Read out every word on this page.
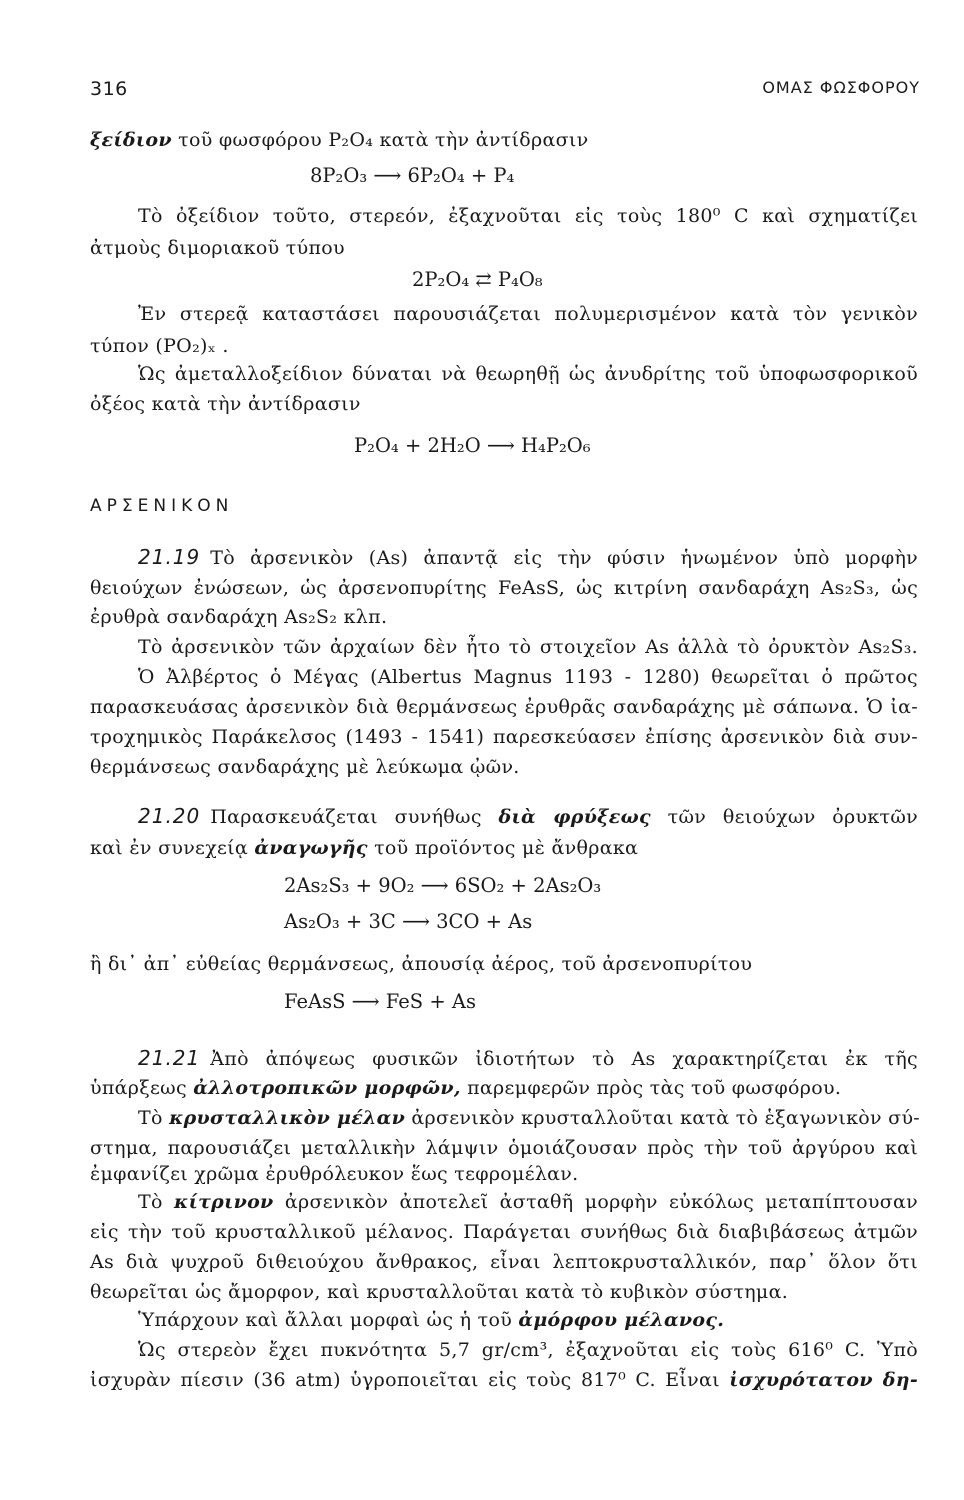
316	ΟΜΑΣ ΦΩΣΦΟΡΟΥ
ξείδιον τοῦ φωσφόρου P₂O₄ κατὰ τὴν ἀντίδρασιν
8P₂O₃ ⟶ 6P₂O₄ + P₄
Τὸ ὀξείδιον τοῦτο, στερεόν, ἐξαχνοῦται εἰς τοὺς 180⁰ C καὶ σχηματίζει
ἀτμοὺς διμοριακοῦ τύπου
2P₂O₄ ⇄ P₄O₈
Ἐν στερεᾷ καταστάσει παρουσιάζεται πολυμερισμένον κατὰ τὸν γενικὸν
τύπον (PO₂)ₓ .
Ὡς ἀμεταλλοξείδιον δύναται νὰ θεωρηθῇ ὡς ἀνυδρίτης τοῦ ὑποφωσφορικοῦ
ὀξέος κατὰ τὴν ἀντίδρασιν
P₂O₄ + 2H₂O ⟶ H₄P₂O₆
ΑΡΣΕΝΙΚΟΝ
21.19 Τὸ ἀρσενικὸν (As) ἀπαντᾷ εἰς τὴν φύσιν ἡνωμένον ὑπὸ μορφὴν
θειούχων ἐνώσεων, ὡς ἀρσενοπυρίτης FeAsS, ὡς κιτρίνη σανδαράχη As₂S₃, ὡς
ἐρυθρὰ σανδαράχη As₂S₂ κλπ.
Τὸ ἀρσενικὸν τῶν ἀρχαίων δὲν ἦτο τὸ στοιχεῖον As ἀλλὰ τὸ ὀρυκτὸν As₂S₃.
Ὁ Ἀλβέρτος ὁ Μέγας (Albertus Magnus 1193 - 1280) θεωρεῖται ὁ πρῶτος
παρασκευάσας ἀρσενικὸν διὰ θερμάνσεως ἐρυθρᾶς σανδαράχης μὲ σάπωνα. Ὁ ἰα-
τροχημικὸς Παράκελσος (1493 - 1541) παρεσκεύασεν ἐπίσης ἀρσενικὸν διὰ συν-
θερμάνσεως σανδαράχης μὲ λεύκωμα ᾠῶν.
21.20 Παρασκευάζεται συνήθως διὰ φρύξεως τῶν θειούχων ὀρυκτῶν
καὶ ἐν συνεχείᾳ ἀναγωγῆς τοῦ προϊόντος μὲ ἄνθρακα
2As₂S₃ + 9O₂ ⟶ 6SO₂ + 2As₂O₃
As₂O₃ + 3C ⟶ 3CO + As
ἢ δι᾽ ἀπ᾽ εὐθείας θερμάνσεως, ἀπουσίᾳ ἀέρος, τοῦ ἀρσενοπυρίτου
FeAsS ⟶ FeS + As
21.21 Ἀπὸ ἀπόψεως φυσικῶν ἰδιοτήτων τὸ As χαρακτηρίζεται ἐκ τῆς
ὑπάρξεως ἀλλοτροπικῶν μορφῶν, παρεμφερῶν πρὸς τὰς τοῦ φωσφόρου.
Τὸ κρυσταλλικὸν μέλαν ἀρσενικὸν κρυσταλλοῦται κατὰ τὸ ἑξαγωνικὸν σύ-
στημα, παρουσιάζει μεταλλικὴν λάμψιν ὁμοιάζουσαν πρὸς τὴν τοῦ ἀργύρου καὶ
ἐμφανίζει χρῶμα ἐρυθρόλευκον ἕως τεφρομέλαν.
Τὸ κίτρινον ἀρσενικὸν ἀποτελεῖ ἀσταθῆ μορφὴν εὐκόλως μεταπίπτουσαν
εἰς τὴν τοῦ κρυσταλλικοῦ μέλανος. Παράγεται συνήθως διὰ διαβιβάσεως ἀτμῶν
As διὰ ψυχροῦ διθειούχου ἄνθρακος, εἶναι λεπτοκρυσταλλικόν, παρ᾽ ὅλον ὅτι
θεωρεῖται ὡς ἄμορφον, καὶ κρυσταλλοῦται κατὰ τὸ κυβικὸν σύστημα.
Ὑπάρχουν καὶ ἄλλαι μορφαὶ ὡς ἡ τοῦ ἀμόρφου μέλανος.
Ὡς στερεὸν ἔχει πυκνότητα 5,7 gr/cm³, ἐξαχνοῦται εἰς τοὺς 616⁰ C. Ὑπὸ
ἰσχυρὰν πίεσιν (36 atm) ὑγροποιεῖται εἰς τοὺς 817⁰ C. Εἶναι ἰσχυρότατον δη-
